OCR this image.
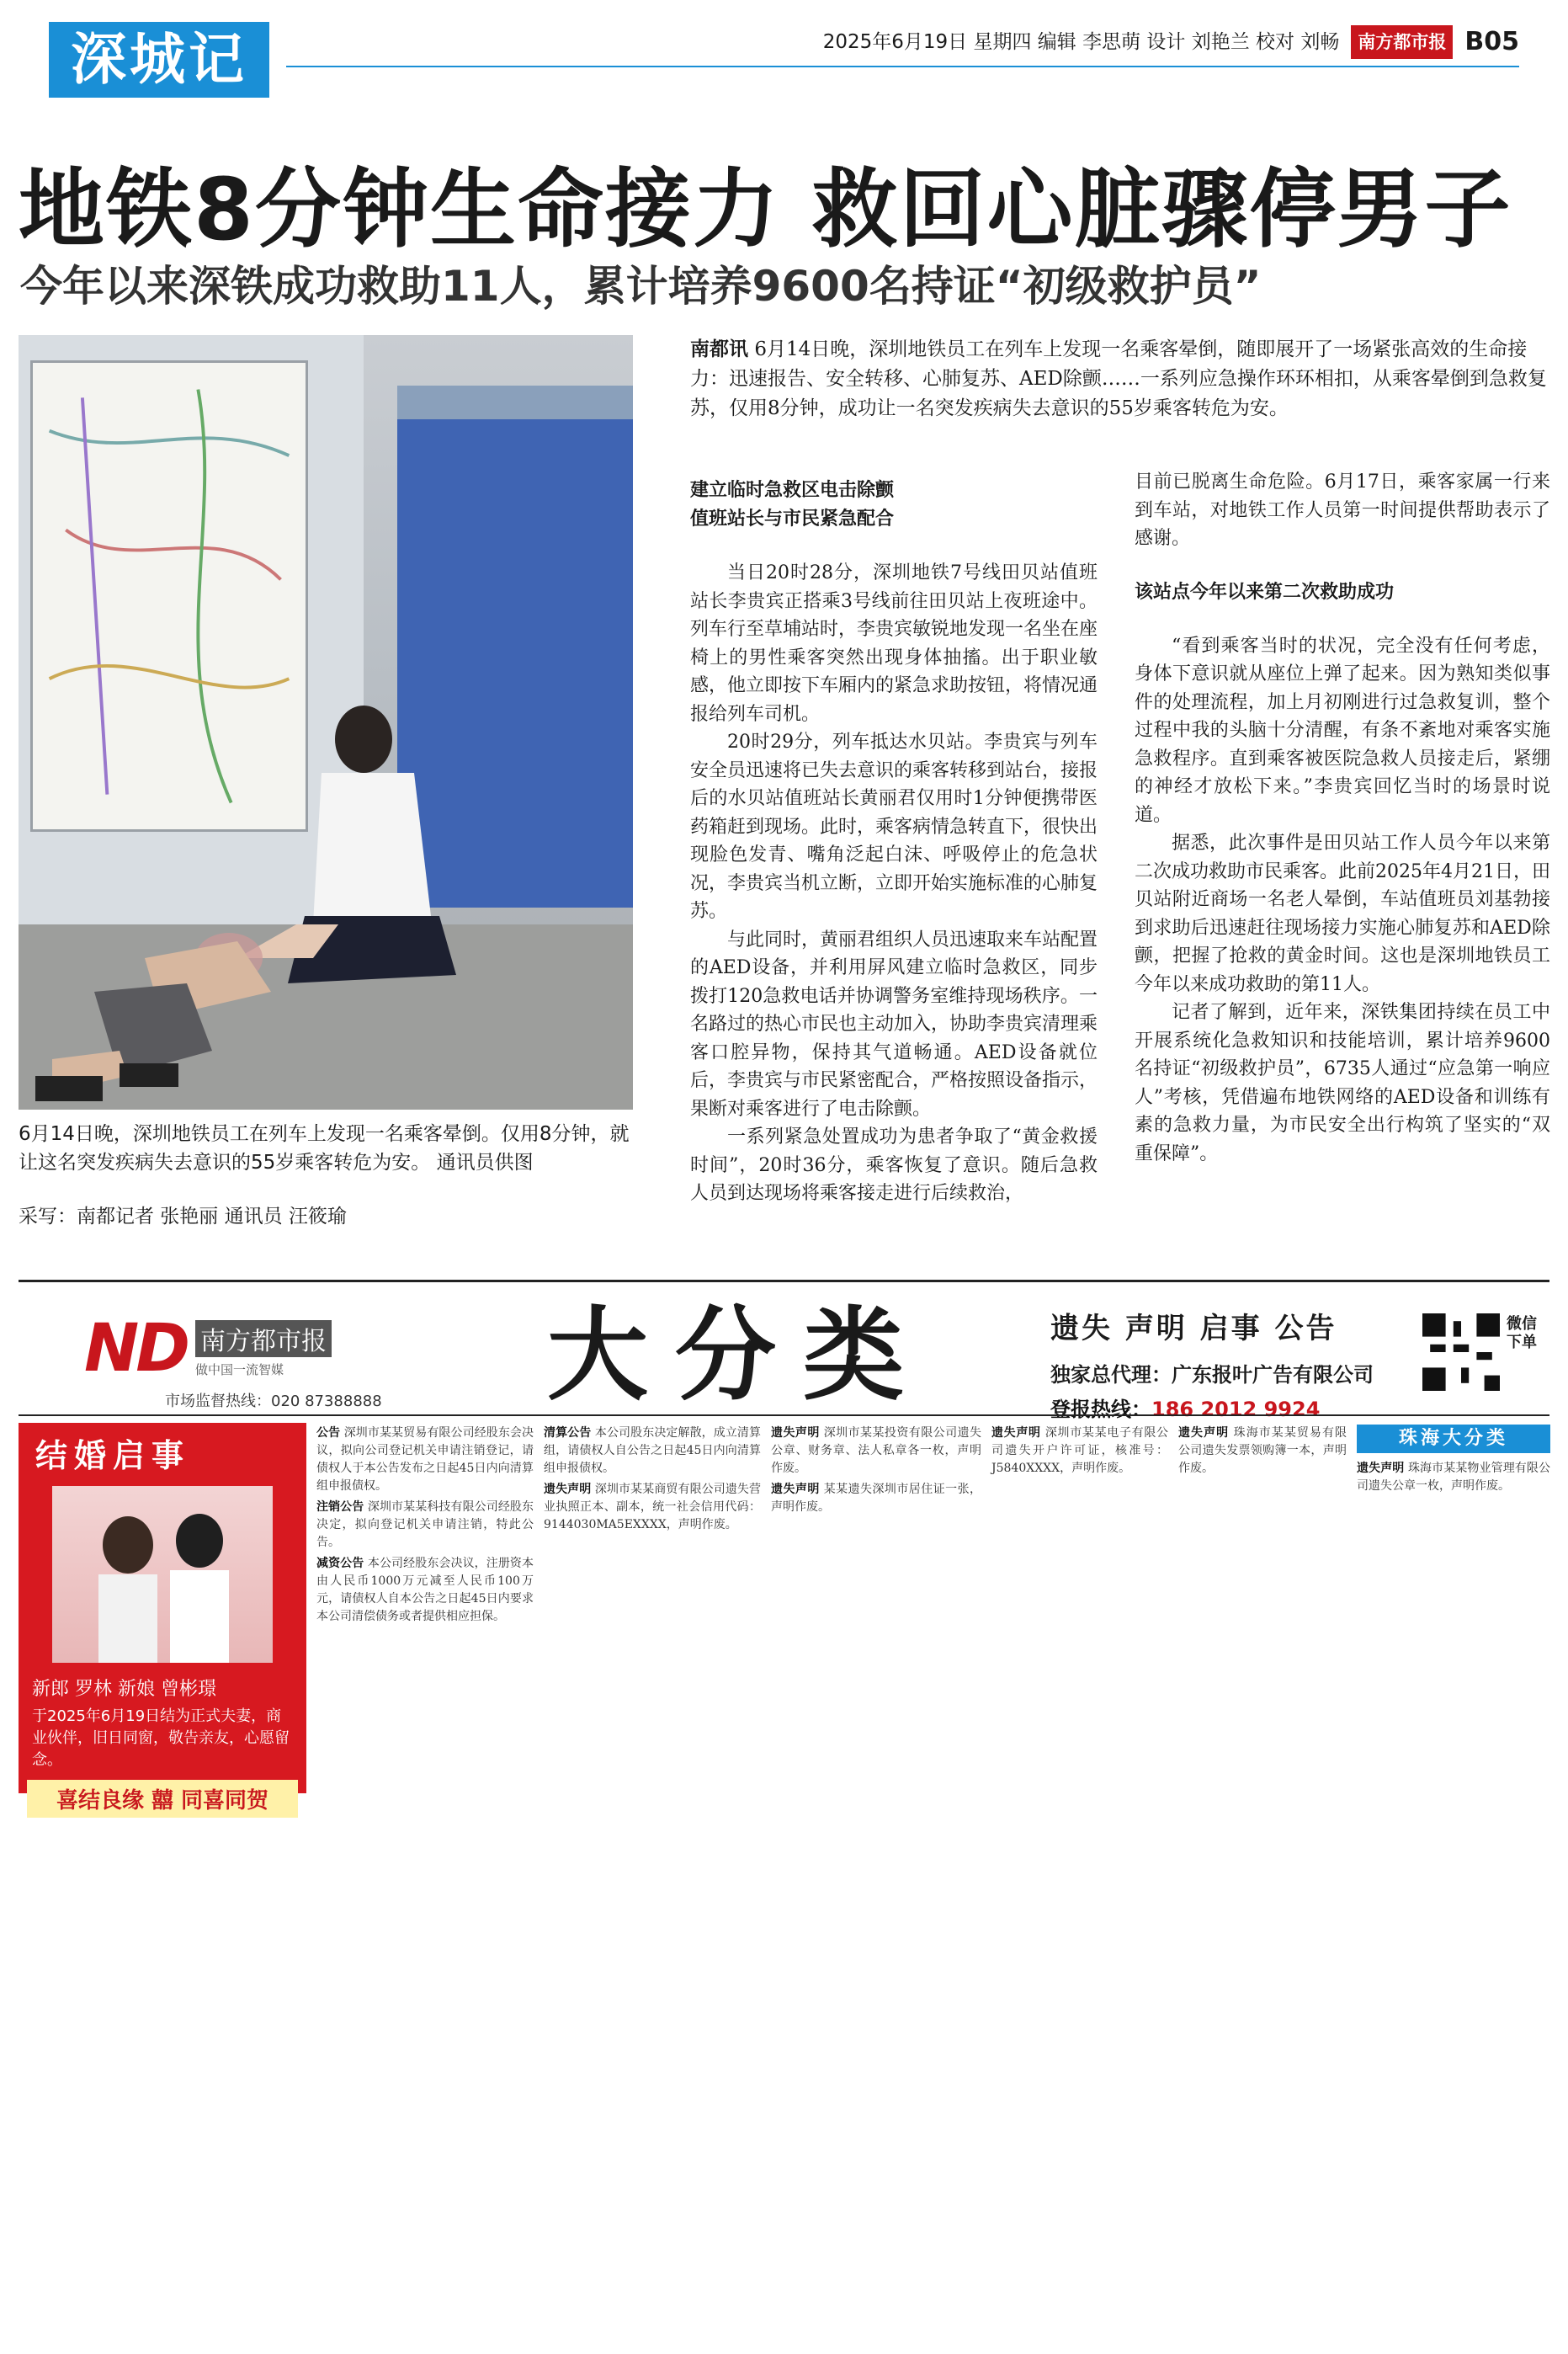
深城记	2025年6月19日 星期四 编辑 李思萌 设计 刘艳兰 校对 刘畅	南方都市报 B05
地铁8分钟生命接力 救回心脏骤停男子
今年以来深铁成功救助11人，累计培养9600名持证“初级救护员”
6月14日晚，深圳地铁员工在列车上发现一名乘客晕倒。仅用8分钟，就让这名突发疾病失去意识的55岁乘客转危为安。 通讯员供图
采写：南都记者 张艳丽 通讯员 汪筱瑜
南都讯 6月14日晚，深圳地铁员工在列车上发现一名乘客晕倒，随即展开了一场紧张高效的生命接力：迅速报告、安全转移、心肺复苏、AED除颤……一系列应急操作环环相扣，从乘客晕倒到急救复苏，仅用8分钟，成功让一名突发疾病失去意识的55岁乘客转危为安。
建立临时急救区电击除颤
值班站长与市民紧急配合

当日20时28分，深圳地铁7号线田贝站值班站长李贵宾正搭乘3号线前往田贝站上夜班途中。列车行至草埔站时，李贵宾敏锐地发现一名坐在座椅上的男性乘客突然出现身体抽搐。出于职业敏感，他立即按下车厢内的紧急求助按钮，将情况通报给列车司机。

20时29分，列车抵达水贝站。李贵宾与列车安全员迅速将已失去意识的乘客转移到站台，接报后的水贝站值班站长黄丽君仅用时1分钟便携带医药箱赶到现场。此时，乘客病情急转直下，很快出现脸色发青、嘴角泛起白沫、呼吸停止的危急状况，李贵宾当机立断，立即开始实施标准的心肺复苏。

与此同时，黄丽君组织人员迅速取来车站配置的AED设备，并利用屏风建立临时急救区，同步拨打120急救电话并协调警务室维持现场秩序。一名路过的热心市民也主动加入，协助李贵宾清理乘客口腔异物，保持其气道畅通。AED设备就位后，李贵宾与市民紧密配合，严格按照设备指示，果断对乘客进行了电击除颤。

一系列紧急处置成功为患者争取了“黄金救援时间”，20时36分，乘客恢复了意识。随后急救人员到达现场将乘客接走进行后续救治，

目前已脱离生命危险。6月17日，乘客家属一行来到车站，对地铁工作人员第一时间提供帮助表示了感谢。

该站点今年以来第二次救助成功

“看到乘客当时的状况，完全没有任何考虑，身体下意识就从座位上弹了起来。因为熟知类似事件的处理流程，加上月初刚进行过急救复训，整个过程中我的头脑十分清醒，有条不紊地对乘客实施急救程序。直到乘客被医院急救人员接走后，紧绷的神经才放松下来。”李贵宾回忆当时的场景时说道。

据悉，此次事件是田贝站工作人员今年以来第二次成功救助市民乘客。此前2025年4月21日，田贝站附近商场一名老人晕倒，车站值班员刘基勃接到求助后迅速赶往现场接力实施心肺复苏和AED除颤，把握了抢救的黄金时间。这也是深圳地铁员工今年以来成功救助的第11人。

记者了解到，近年来，深铁集团持续在员工中开展系统化急救知识和技能培训，累计培养9600名持证“初级救护员”，6735人通过“应急第一响应人”考核，凭借遍布地铁网络的AED设备和训练有素的急救力量，为市民安全出行构筑了坚实的“双重保障”。

ND 南方都市报
做中国一流智媒
市场监督热线：020 87388888 大分类	遗失 声明 启事 公告
独家总代理：广东报叶广告有限公司
登报热线：186 2012 9924
微信下单
结婚启事
新郎 罗林 新娘 曾彬璟
于2025年6月19日结为正式夫妻，商业伙伴，旧日同窗，敬告亲友，心愿留念。
喜结良缘 囍 同喜同贺

公告 深圳市某某贸易有限公司经股东会决议，拟向公司登记机关申请注销登记，请债权人于本公告发布之日起45日内向清算组申报债权。

注销公告 深圳市某某科技有限公司经股东决定，拟向登记机关申请注销，特此公告。

减资公告 本公司经股东会决议，注册资本由人民币1000万元减至人民币100万元，请债权人自本公告之日起45日内要求本公司清偿债务或者提供相应担保。

清算公告 本公司股东决定解散，成立清算组，请债权人自公告之日起45日内向清算组申报债权。

遗失声明 深圳市某某商贸有限公司遗失营业执照正本、副本，统一社会信用代码：9144030MA5EXXXX，声明作废。

遗失声明 深圳市某某投资有限公司遗失公章、财务章、法人私章各一枚，声明作废。

遗失声明 某某遗失深圳市居住证一张，声明作废。

遗失声明 深圳市某某电子有限公司遗失开户许可证，核准号：J5840XXXX，声明作废。

遗失声明 珠海市某某贸易有限公司遗失发票领购簿一本，声明作废。

珠海大分类

遗失声明 珠海市某某物业管理有限公司遗失公章一枚，声明作废。
